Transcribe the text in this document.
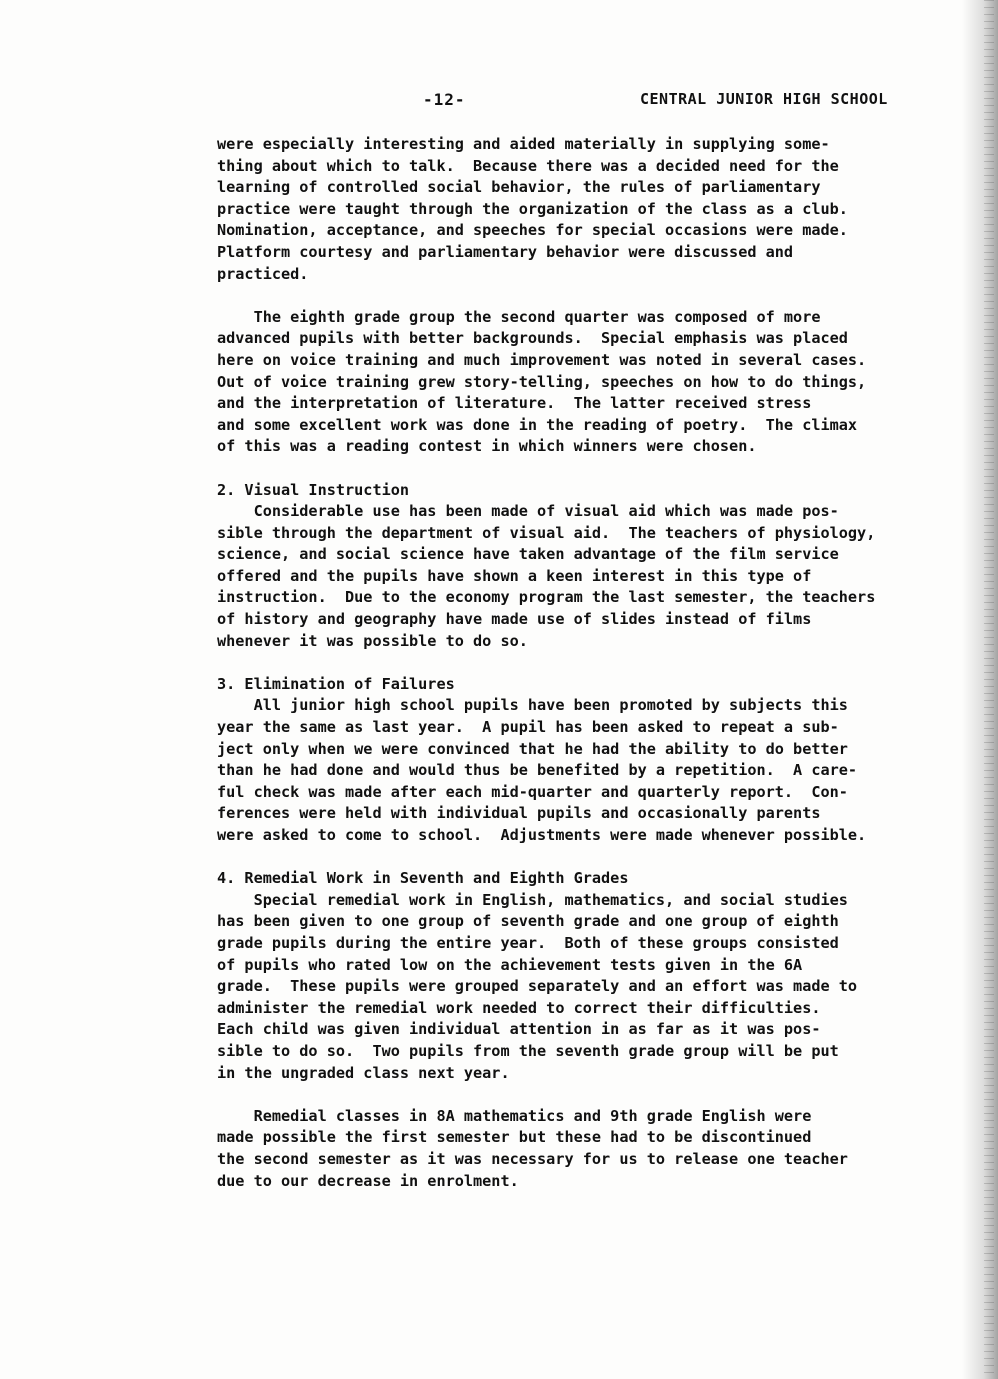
-12-	CENTRAL JUNIOR HIGH SCHOOL
were especially interesting and aided materially in supplying some-
thing about which to talk.  Because there was a decided need for the
learning of controlled social behavior, the rules of parliamentary
practice were taught through the organization of the class as a club.
Nomination, acceptance, and speeches for special occasions were made.
Platform courtesy and parliamentary behavior were discussed and
practiced.
The eighth grade group the second quarter was composed of more
advanced pupils with better backgrounds.  Special emphasis was placed
here on voice training and much improvement was noted in several cases.
Out of voice training grew story-telling, speeches on how to do things,
and the interpretation of literature.  The latter received stress
and some excellent work was done in the reading of poetry.  The climax
of this was a reading contest in which winners were chosen.
2. Visual Instruction
Considerable use has been made of visual aid which was made pos-
sible through the department of visual aid.  The teachers of physiology,
science, and social science have taken advantage of the film service
offered and the pupils have shown a keen interest in this type of
instruction.  Due to the economy program the last semester, the teachers
of history and geography have made use of slides instead of films
whenever it was possible to do so.
3. Elimination of Failures
All junior high school pupils have been promoted by subjects this
year the same as last year.  A pupil has been asked to repeat a sub-
ject only when we were convinced that he had the ability to do better
than he had done and would thus be benefited by a repetition.  A care-
ful check was made after each mid-quarter and quarterly report.  Con-
ferences were held with individual pupils and occasionally parents
were asked to come to school.  Adjustments were made whenever possible.
4. Remedial Work in Seventh and Eighth Grades
Special remedial work in English, mathematics, and social studies
has been given to one group of seventh grade and one group of eighth
grade pupils during the entire year.  Both of these groups consisted
of pupils who rated low on the achievement tests given in the 6A
grade.  These pupils were grouped separately and an effort was made to
administer the remedial work needed to correct their difficulties.
Each child was given individual attention in as far as it was pos-
sible to do so.  Two pupils from the seventh grade group will be put
in the ungraded class next year.
Remedial classes in 8A mathematics and 9th grade English were
made possible the first semester but these had to be discontinued
the second semester as it was necessary for us to release one teacher
due to our decrease in enrolment.
